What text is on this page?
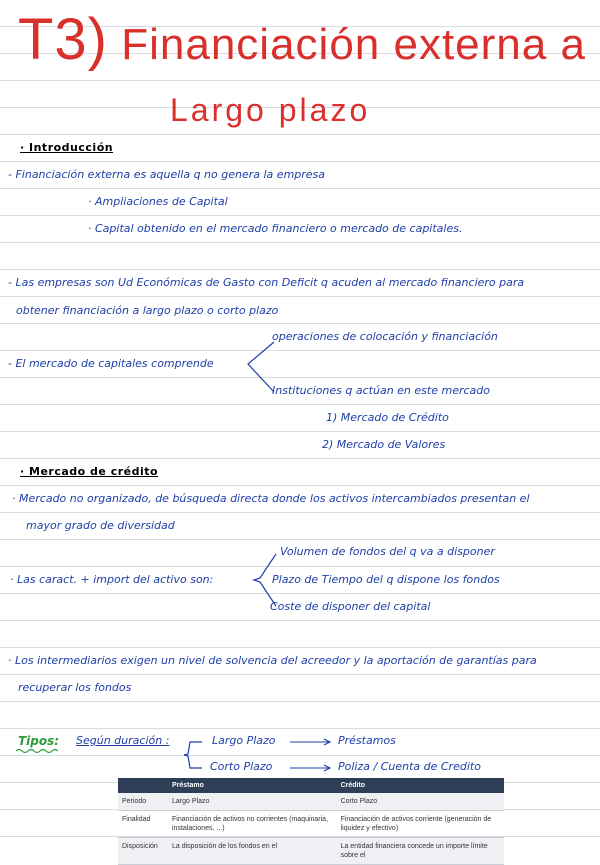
T3) Financiación externa a
Largo plazo
· Introducción
- Financiación externa es aquella q no genera la empresa
· Ampliaciones de Capital
· Capital obtenido en el mercado financiero o mercado de capitales.
- Las empresas son Ud Económicas de Gasto con Deficit q acuden al mercado financiero para
obtener financiación a largo plazo o corto plazo
operaciones de colocación y financiación
- El mercado de capitales comprende
Instituciones q actúan en este mercado
1) Mercado de Crédito
2) Mercado de Valores
· Mercado de crédito
· Mercado no organizado, de búsqueda directa donde los activos intercambiados presentan el
mayor grado de diversidad
Volumen de fondos del q va a disponer
· Las caract. + import del activo son:	Plazo de Tiempo del q dispone los fondos
Coste de disponer del capital
· Los intermediarios exigen un nivel de solvencia del acreedor y la aportación de garantías para
recuperar los fondos
Tipos: Según duración :	Largo Plazo	Préstamos
Corto Plazo	Poliza / Cuenta de Credito
	Préstamo	Crédito
Periodo	Largo Plazo	Corto Plazo
Finalidad	Financiación de activos no corrientes (maquinaria, instalaciones, ...)	Financiación de activos corriente (generación de liquidez y efectivo)
Disposición	La disposición de los fondos en el	La entidad financiera concede un importe límite sobre el
